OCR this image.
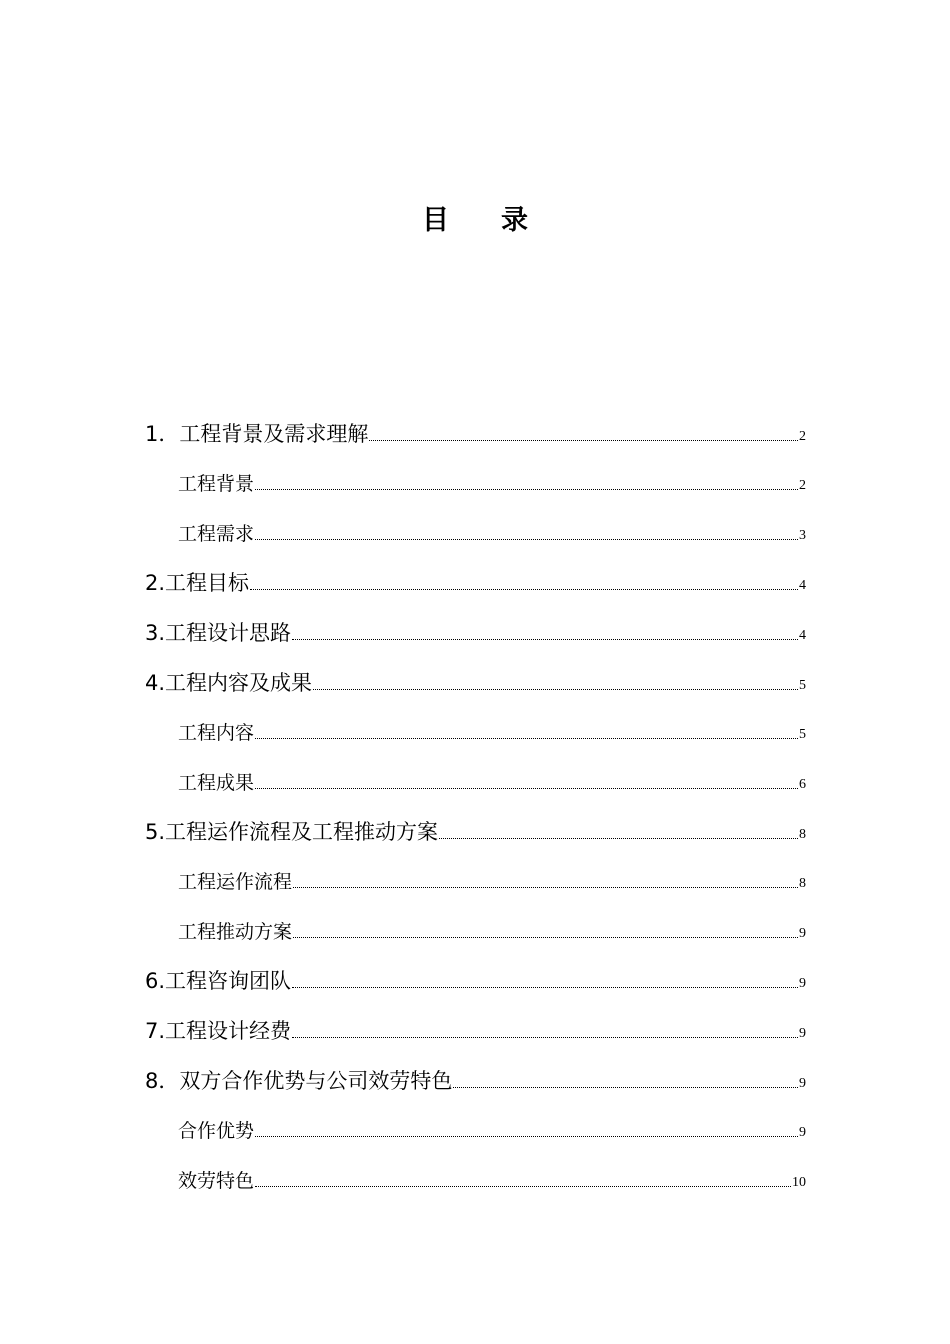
目 录
1．工程背景及需求理解	2
工程背景	2
工程需求	3
2.工程目标	4
3.工程设计思路	4
4.工程内容及成果	5
工程内容	5
工程成果	6
5.工程运作流程及工程推动方案	8
工程运作流程	8
工程推动方案	9
6.工程咨询团队	9
7.工程设计经费	9
8．双方合作优势与公司效劳特色	9
合作优势	9
效劳特色	10
